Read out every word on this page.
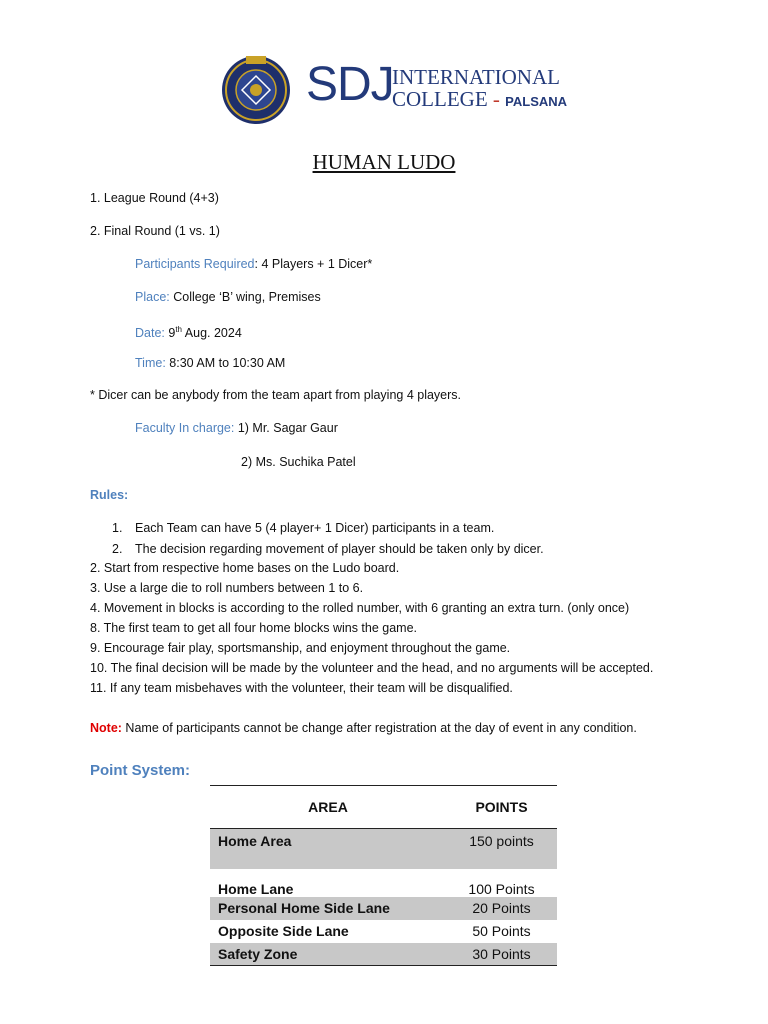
SDJ
INTERNATIONAL
COLLEGE - PALSANA
HUMAN LUDO
1. League Round (4+3)
2. Final Round (1 vs. 1)
Participants Required: 4 Players + 1 Dicer*
Place: College ‘B’ wing, Premises
Date: 9th Aug. 2024
Time: 8:30 AM to 10:30 AM
* Dicer can be anybody from the team apart from playing 4 players.
Faculty In charge: 1) Mr. Sagar Gaur
2) Ms. Suchika Patel
Rules:
1. Each Team can have 5 (4 player+ 1 Dicer) participants in a team.
2. The decision regarding movement of player should be taken only by dicer.
2. Start from respective home bases on the Ludo board.
3. Use a large die to roll numbers between 1 to 6.
4. Movement in blocks is according to the rolled number, with 6 granting an extra turn. (only once)
8. The first team to get all four home blocks wins the game.
9. Encourage fair play, sportsmanship, and enjoyment throughout the game.
10. The final decision will be made by the volunteer and the head, and no arguments will be accepted.
11. If any team misbehaves with the volunteer, their team will be disqualified.
Note: Name of participants cannot be change after registration at the day of event in any condition.
Point System:
AREA	POINTS
Home Area	150 points
Home Lane	100 Points
Personal Home Side Lane	20 Points
Opposite Side Lane	50 Points
Safety Zone	30 Points
